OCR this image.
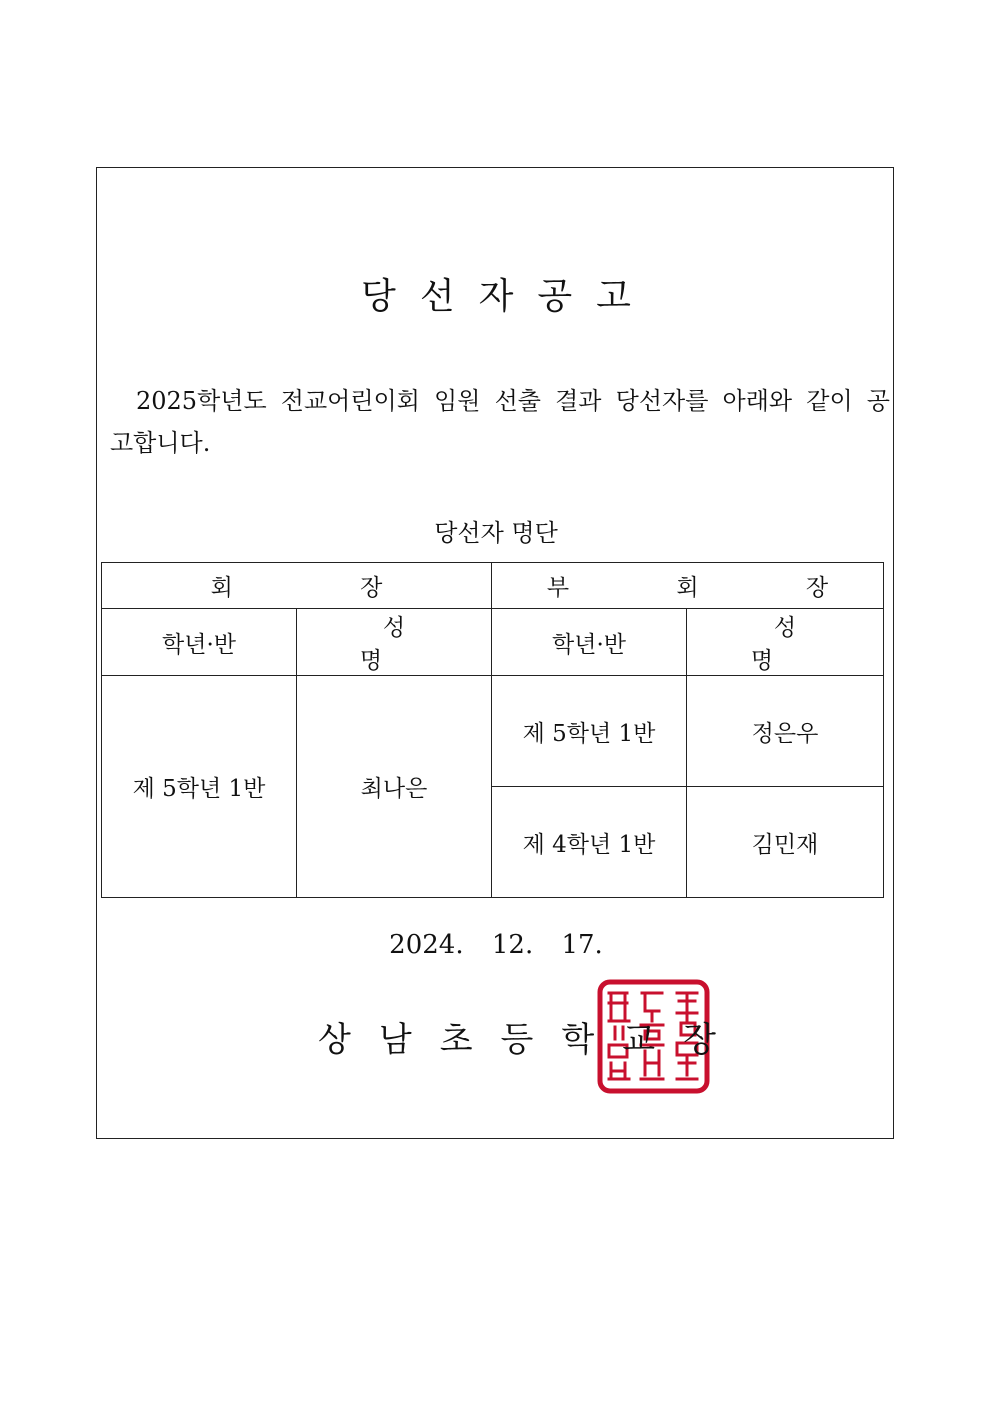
당선자공고
2025학년도 전교어린이회 임원 선출 결과 당선자를 아래와 같이 공고합니다.
당선자 명단
회 장		부 회 장	
학년·반	성 명	학년·반	성 명
제 5학년 1반	최나은	제 5학년 1반	정은우
		제 4학년 1반	김민재
2024. 12. 17.
상남초등학교장
